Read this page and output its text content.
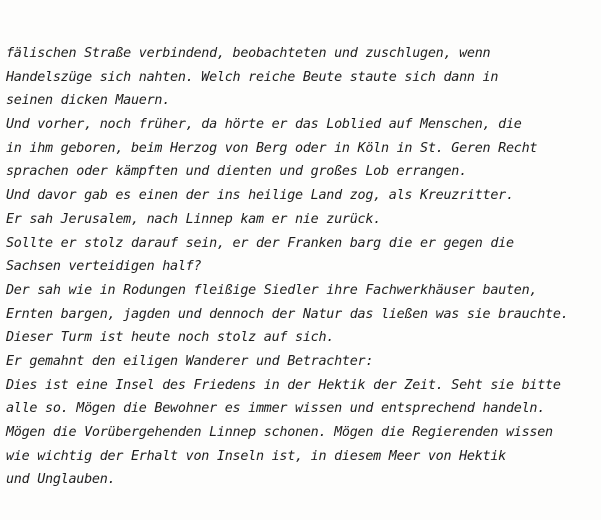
fälischen Straße verbindend, beobachteten und zuschlugen, wenn
Handelszüge sich nahten. Welch reiche Beute staute sich dann in
seinen dicken Mauern.
Und vorher, noch früher, da hörte er das Loblied auf Menschen, die
in ihm geboren, beim Herzog von Berg oder in Köln in St. Geren Recht
sprachen oder kämpften und dienten und großes Lob errangen.
Und davor gab es einen der ins heilige Land zog, als Kreuzritter.
Er sah Jerusalem, nach Linnep kam er nie zurück.
Sollte er stolz darauf sein, er der Franken barg die er gegen die
Sachsen verteidigen half?
Der sah wie in Rodungen fleißige Siedler ihre Fachwerkhäuser bauten,
Ernten bargen, jagden und dennoch der Natur das ließen was sie brauchte.
Dieser Turm ist heute noch stolz auf sich.
Er gemahnt den eiligen Wanderer und Betrachter:
Dies ist eine Insel des Friedens in der Hektik der Zeit. Seht sie bitte
alle so. Mögen die Bewohner es immer wissen und entsprechend handeln.
Mögen die Vorübergehenden Linnep schonen. Mögen die Regierenden wissen
wie wichtig der Erhalt von Inseln ist, in diesem Meer von Hektik
und Unglauben.
